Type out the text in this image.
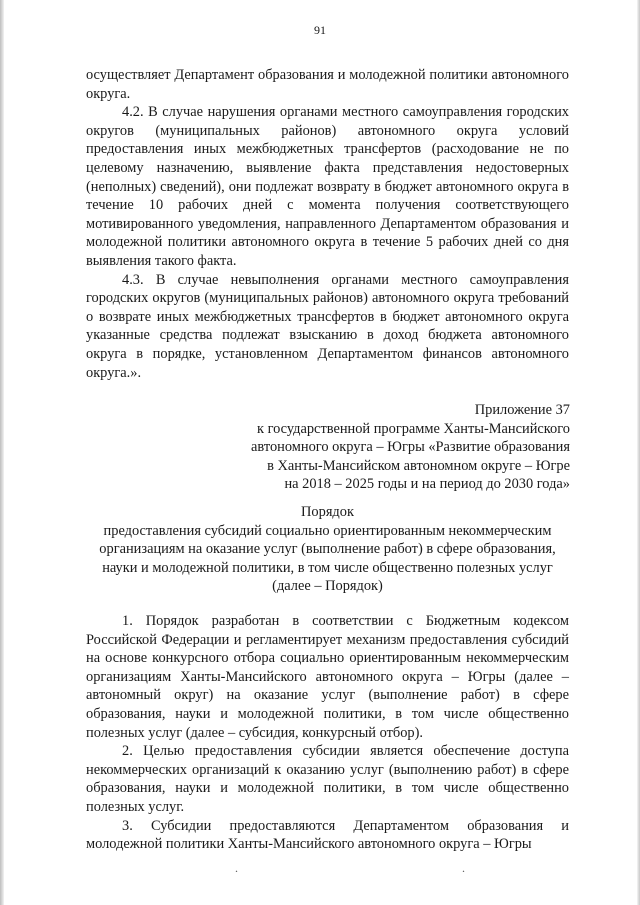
91

осуществляет Департамент образования и молодежной политики автономного округа.

4.2. В случае нарушения органами местного самоуправления городских округов (муниципальных районов) автономного округа условий предоставления иных межбюджетных трансфертов (расходование не по целевому назначению, выявление факта представления недостоверных (неполных) сведений), они подлежат возврату в бюджет автономного округа в течение 10 рабочих дней с момента получения соответствующего мотивированного уведомления, направленного Департаментом образования и молодежной политики автономного округа в течение 5 рабочих дней со дня выявления такого факта.

4.3. В случае невыполнения органами местного самоуправления городских округов (муниципальных районов) автономного округа требований о возврате иных межбюджетных трансфертов в бюджет автономного округа указанные средства подлежат взысканию в доход бюджета автономного округа в порядке, установленном Департаментом финансов автономного округа.».

Приложение 37
к государственной программе Ханты-Мансийского
автономного округа – Югры «Развитие образования
в Ханты-Мансийском автономном округе – Югре
на 2018 – 2025 годы и на период до 2030 года»
Порядок
предоставления субсидий социально ориентированным некоммерческим
организациям на оказание услуг (выполнение работ) в сфере образования,
науки и молодежной политики, в том числе общественно полезных услуг
(далее – Порядок)

1. Порядок разработан в соответствии с Бюджетным кодексом Российской Федерации и регламентирует механизм предоставления субсидий на основе конкурсного отбора социально ориентированным некоммерческим организациям Ханты-Мансийского автономного округа – Югры (далее – автономный округ) на оказание услуг (выполнение работ) в сфере образования, науки и молодежной политики, в том числе общественно полезных услуг (далее – субсидия, конкурсный отбор).

2. Целью предоставления субсидии является обеспечение доступа некоммерческих организаций к оказанию услуг (выполнению работ) в сфере образования, науки и молодежной политики, в том числе общественно полезных услуг.

3. Субсидии предоставляются Департаментом образования и молодежной политики Ханты-Мансийского автономного округа – Югры

.	.
